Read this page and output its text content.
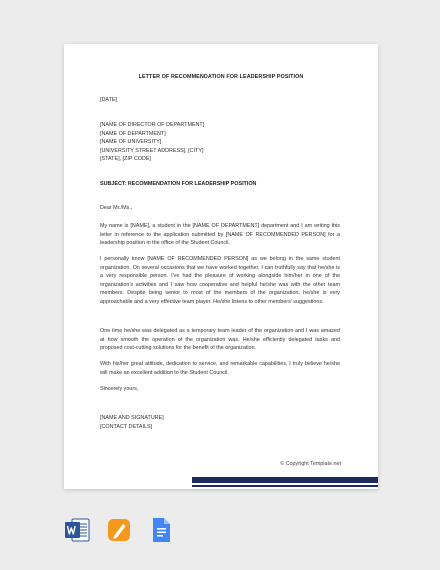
LETTER OF RECOMMENDATION FOR LEADERSHIP POSITION
[DATE]
[NAME OF DIRECTOR OF DEPARTMENT]
[NAME OF DEPARTMENT]
[NAME OF UNIVERSITY]
[UNIVERSITY STREET ADDRESS], [CITY]
[STATE], [ZIP CODE]
SUBJECT: RECOMMENDATION FOR LEADERSHIP POSITION
Dear Mr./Ms.,
My name is [NAME], a student in the [NAME OF DEPARTMENT] department and I am writing this letter in reference to the application submitted by [NAME OF RECOMMENDED PERSON] for a leadership position in the office of the Student Council.
I personally know [NAME OF RECOMMENDED PERSON] as we belong in the same student organization. On several occasions that we have worked together, I can truthfully say that he/she is a very responsible person. I've had the pleasure of working alongside him/her in one of the organization's activities and I saw how cooperative and helpful he/she was with the other team members. Despite being senior to most of the members of the organization, he/she is very approachable and a very effective team player. He/she listens to other members' suggestions.
One time he/she was delegated as a temporary team leader of the organization and I was amazed at how smooth the operation of the organization was. He/she efficiently delegated tasks and proposed cost-cutting solutions for the benefit of the organization.
With his/her great attitude, dedication to service, and remarkable capabilities, I truly believe he/she will make an excellent addition to the Student Council.
Sincerely yours,
[NAME AND SIGNATURE]
[CONTACT DETAILS]
© Copyright Template.net
